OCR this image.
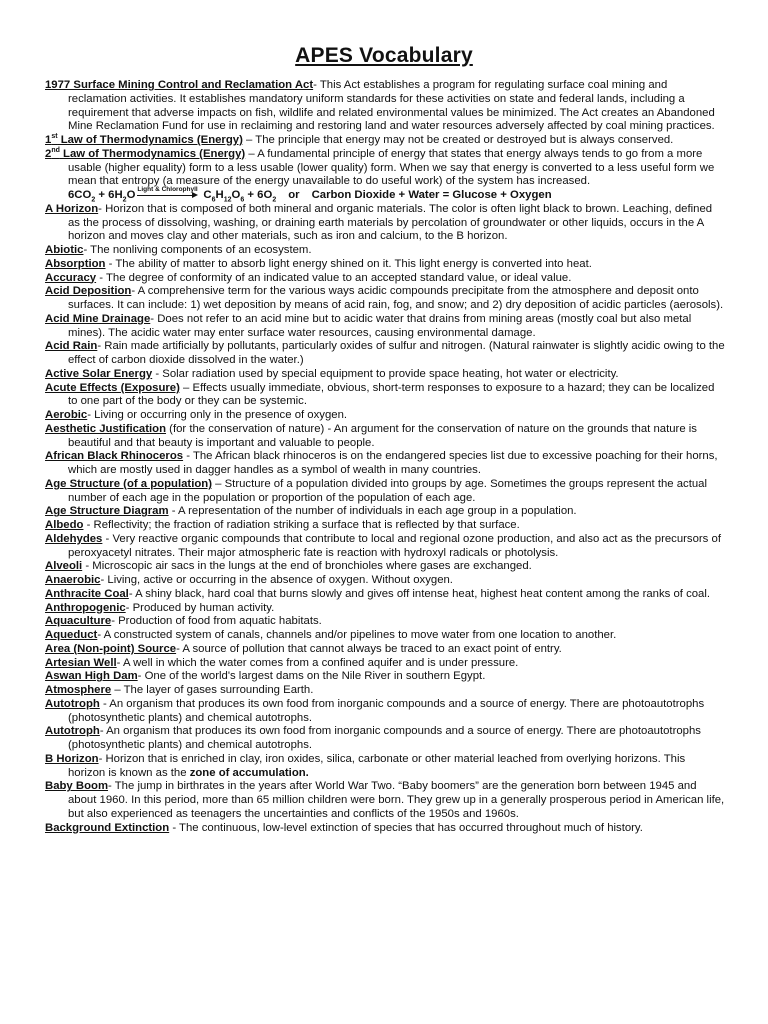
APES Vocabulary

1977 Surface Mining Control and Reclamation Act- This Act establishes a program for regulating surface coal mining and reclamation activities. It establishes mandatory uniform standards for these activities on state and federal lands, including a requirement that adverse impacts on fish, wildlife and related environmental values be minimized. The Act creates an Abandoned Mine Reclamation Fund for use in reclaiming and restoring land and water resources adversely affected by coal mining practices.

1st Law of Thermodynamics (Energy) – The principle that energy may not be created or destroyed but is always conserved.

2nd Law of Thermodynamics (Energy) – A fundamental principle of energy that states that energy always tends to go from a more usable (higher equality) form to a less usable (lower quality) form. When we say that energy is converted to a less useful form we mean that entropy (a measure of the energy unavailable to do useful work) of the system has increased.

$6CO_2 + 6H_2O$ Light & Chlorophyll $C_6H_{12}O_6 + 6O_2$ or Carbon Dioxide + Water = Glucose + Oxygen

A Horizon- Horizon that is composed of both mineral and organic materials. The color is often light black to brown. Leaching, defined as the process of dissolving, washing, or draining earth materials by percolation of groundwater or other liquids, occurs in the A horizon and moves clay and other materials, such as iron and calcium, to the B horizon.

Abiotic- The nonliving components of an ecosystem.

Absorption - The ability of matter to absorb light energy shined on it. This light energy is converted into heat.

Accuracy - The degree of conformity of an indicated value to an accepted standard value, or ideal value.

Acid Deposition- A comprehensive term for the various ways acidic compounds precipitate from the atmosphere and deposit onto surfaces. It can include: 1) wet deposition by means of acid rain, fog, and snow; and 2) dry deposition of acidic particles (aerosols).

Acid Mine Drainage- Does not refer to an acid mine but to acidic water that drains from mining areas (mostly coal but also metal mines). The acidic water may enter surface water resources, causing environmental damage.

Acid Rain- Rain made artificially by pollutants, particularly oxides of sulfur and nitrogen. (Natural rainwater is slightly acidic owing to the effect of carbon dioxide dissolved in the water.)

Active Solar Energy - Solar radiation used by special equipment to provide space heating, hot water or electricity.

Acute Effects (Exposure) – Effects usually immediate, obvious, short-term responses to exposure to a hazard; they can be localized to one part of the body or they can be systemic.

Aerobic- Living or occurring only in the presence of oxygen.

Aesthetic Justification (for the conservation of nature) - An argument for the conservation of nature on the grounds that nature is beautiful and that beauty is important and valuable to people.

African Black Rhinoceros - The African black rhinoceros is on the endangered species list due to excessive poaching for their horns, which are mostly used in dagger handles as a symbol of wealth in many countries.

Age Structure (of a population) – Structure of a population divided into groups by age. Sometimes the groups represent the actual number of each age in the population or proportion of the population of each age.

Age Structure Diagram - A representation of the number of individuals in each age group in a population.

Albedo - Reflectivity; the fraction of radiation striking a surface that is reflected by that surface.

Aldehydes - Very reactive organic compounds that contribute to local and regional ozone production, and also act as the precursors of peroxyacetyl nitrates. Their major atmospheric fate is reaction with hydroxyl radicals or photolysis.

Alveoli - Microscopic air sacs in the lungs at the end of bronchioles where gases are exchanged.

Anaerobic- Living, active or occurring in the absence of oxygen. Without oxygen.

Anthracite Coal- A shiny black, hard coal that burns slowly and gives off intense heat, highest heat content among the ranks of coal.

Anthropogenic- Produced by human activity.

Aquaculture- Production of food from aquatic habitats.

Aqueduct- A constructed system of canals, channels and/or pipelines to move water from one location to another.

Area (Non-point) Source- A source of pollution that cannot always be traced to an exact point of entry.

Artesian Well- A well in which the water comes from a confined aquifer and is under pressure.

Aswan High Dam- One of the world's largest dams on the Nile River in southern Egypt.

Atmosphere – The layer of gases surrounding Earth.

Autotroph - An organism that produces its own food from inorganic compounds and a source of energy. There are photoautotrophs (photosynthetic plants) and chemical autotrophs.

Autotroph- An organism that produces its own food from inorganic compounds and a source of energy. There are photoautotrophs (photosynthetic plants) and chemical autotrophs.

B Horizon- Horizon that is enriched in clay, iron oxides, silica, carbonate or other material leached from overlying horizons. This horizon is known as the zone of accumulation.

Baby Boom- The jump in birthrates in the years after World War Two. “Baby boomers” are the generation born between 1945 and about 1960. In this period, more than 65 million children were born. They grew up in a generally prosperous period in American life, but also experienced as teenagers the uncertainties and conflicts of the 1950s and 1960s.

Background Extinction - The continuous, low-level extinction of species that has occurred throughout much of history.
